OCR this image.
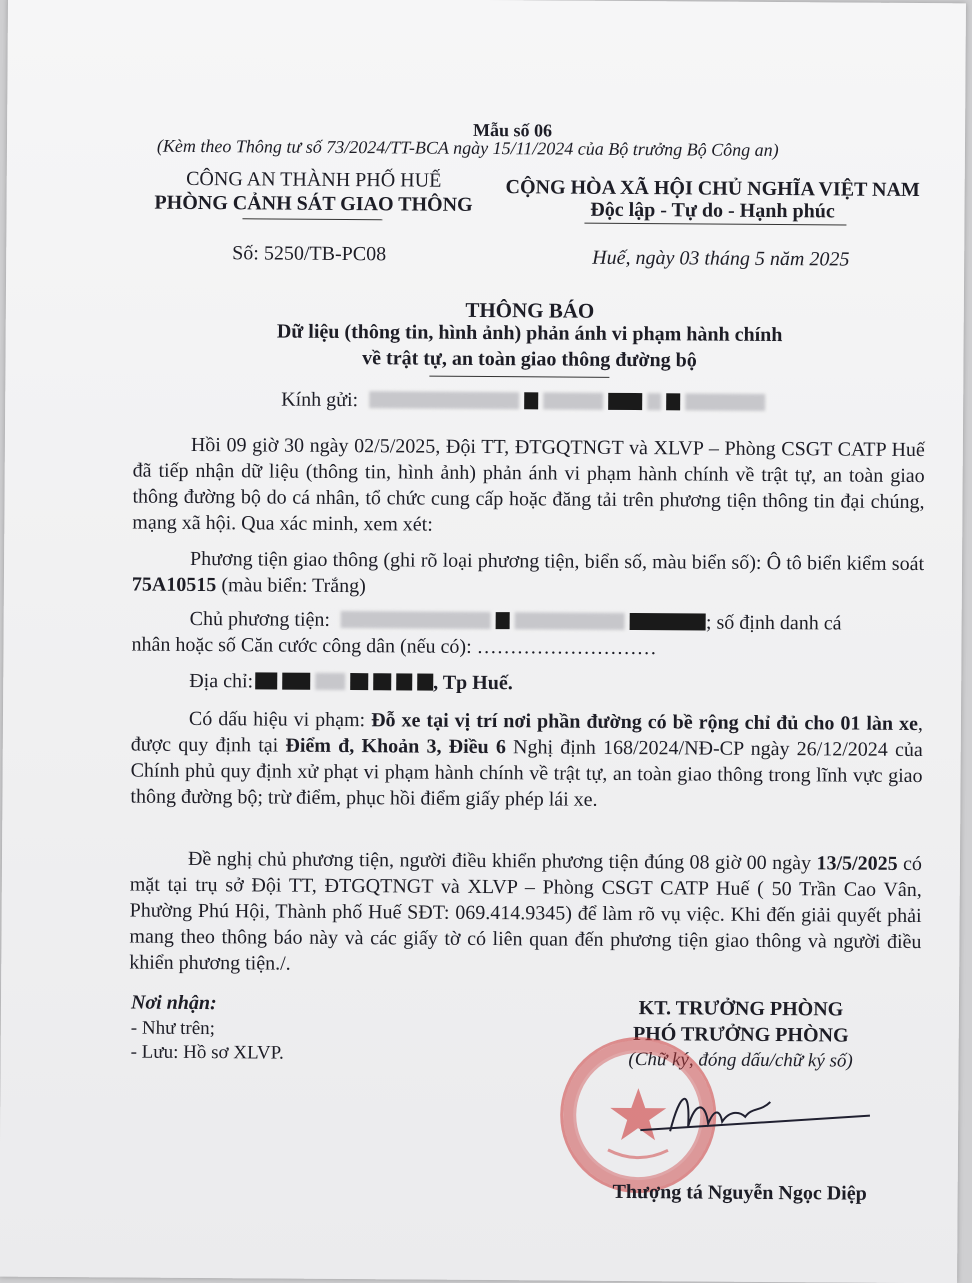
Mẫu số 06
(Kèm theo Thông tư số 73/2024/TT-BCA ngày 15/11/2024 của Bộ trưởng Bộ Công an)
CÔNG AN THÀNH PHỐ HUẾ
PHÒNG CẢNH SÁT GIAO THÔNG
CỘNG HÒA XÃ HỘI CHỦ NGHĨA VIỆT NAM
Độc lập - Tự do - Hạnh phúc
Số: 5250/TB-PC08	Huế, ngày 03 tháng 5 năm 2025
THÔNG BÁO
Dữ liệu (thông tin, hình ảnh) phản ánh vi phạm hành chính
về trật tự, an toàn giao thông đường bộ
Kính gửi:
Hồi 09 giờ 30 ngày 02/5/2025, Đội TT, ĐTGQTNGT và XLVP – Phòng CSGT CATP Huế đã tiếp nhận dữ liệu (thông tin, hình ảnh) phản ánh vi phạm hành chính về trật tự, an toàn giao thông đường bộ do cá nhân, tổ chức cung cấp hoặc đăng tải trên phương tiện thông tin đại chúng, mạng xã hội. Qua xác minh, xem xét:
Phương tiện giao thông (ghi rõ loại phương tiện, biển số, màu biển số): Ô tô biển kiểm soát 75A10515 (màu biển: Trắng)
Chủ phương tiện:	; số định danh cá
nhân hoặc số Căn cước công dân (nếu có): ………………………
Địa chỉ:	, Tp Huế.
Có dấu hiệu vi phạm: Đỗ xe tại vị trí nơi phần đường có bề rộng chỉ đủ cho 01 làn xe, được quy định tại Điểm đ, Khoản 3, Điều 6 Nghị định 168/2024/NĐ-CP ngày 26/12/2024 của Chính phủ quy định xử phạt vi phạm hành chính về trật tự, an toàn giao thông trong lĩnh vực giao thông đường bộ; trừ điểm, phục hồi điểm giấy phép lái xe.
Đề nghị chủ phương tiện, người điều khiển phương tiện đúng 08 giờ 00 ngày 13/5/2025 có mặt tại trụ sở Đội TT, ĐTGQTNGT và XLVP – Phòng CSGT CATP Huế ( 50 Trần Cao Vân, Phường Phú Hội, Thành phố Huế SĐT: 069.414.9345) để làm rõ vụ việc. Khi đến giải quyết phải mang theo thông báo này và các giấy tờ có liên quan đến phương tiện giao thông và người điều khiển phương tiện./.
Nơi nhận:
- Như trên;
- Lưu: Hồ sơ XLVP.
KT. TRƯỞNG PHÒNG
PHÓ TRƯỞNG PHÒNG
(Chữ ký, đóng dấu/chữ ký số)
Thượng tá Nguyễn Ngọc Diệp
